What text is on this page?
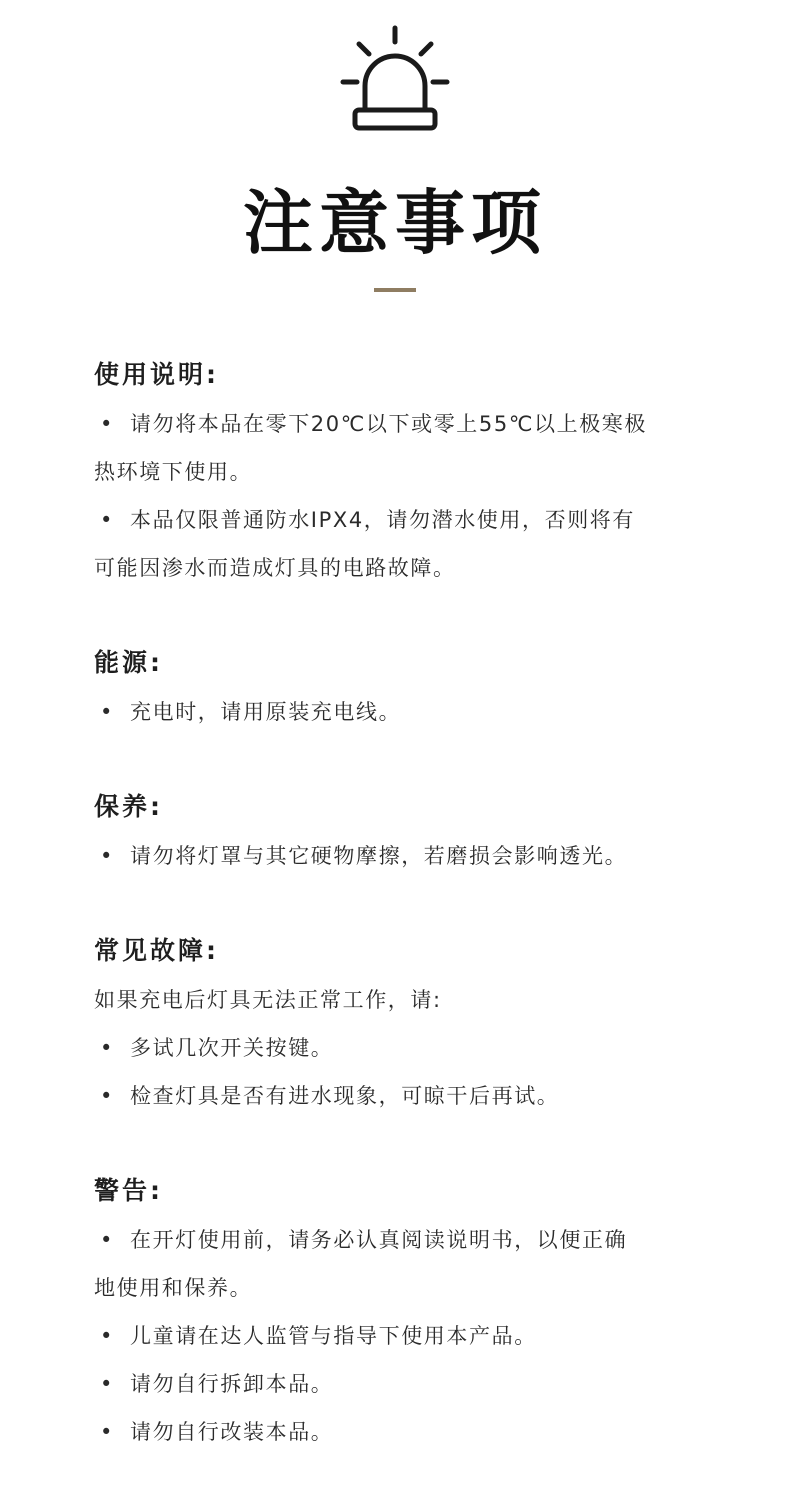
注意事项
使用说明:
• 请勿将本品在零下20℃以下或零上55℃以上极寒极
热环境下使用。
• 本品仅限普通防水IPX4，请勿潜水使用，否则将有
可能因渗水而造成灯具的电路故障。
能源:
• 充电时，请用原装充电线。
保养:
• 请勿将灯罩与其它硬物摩擦，若磨损会影响透光。
常见故障:
如果充电后灯具无法正常工作，请:
• 多试几次开关按键。
• 检查灯具是否有进水现象，可晾干后再试。
警告:
• 在开灯使用前，请务必认真阅读说明书，以便正确
地使用和保养。
• 儿童请在达人监管与指导下使用本产品。
• 请勿自行拆卸本品。
• 请勿自行改装本品。
